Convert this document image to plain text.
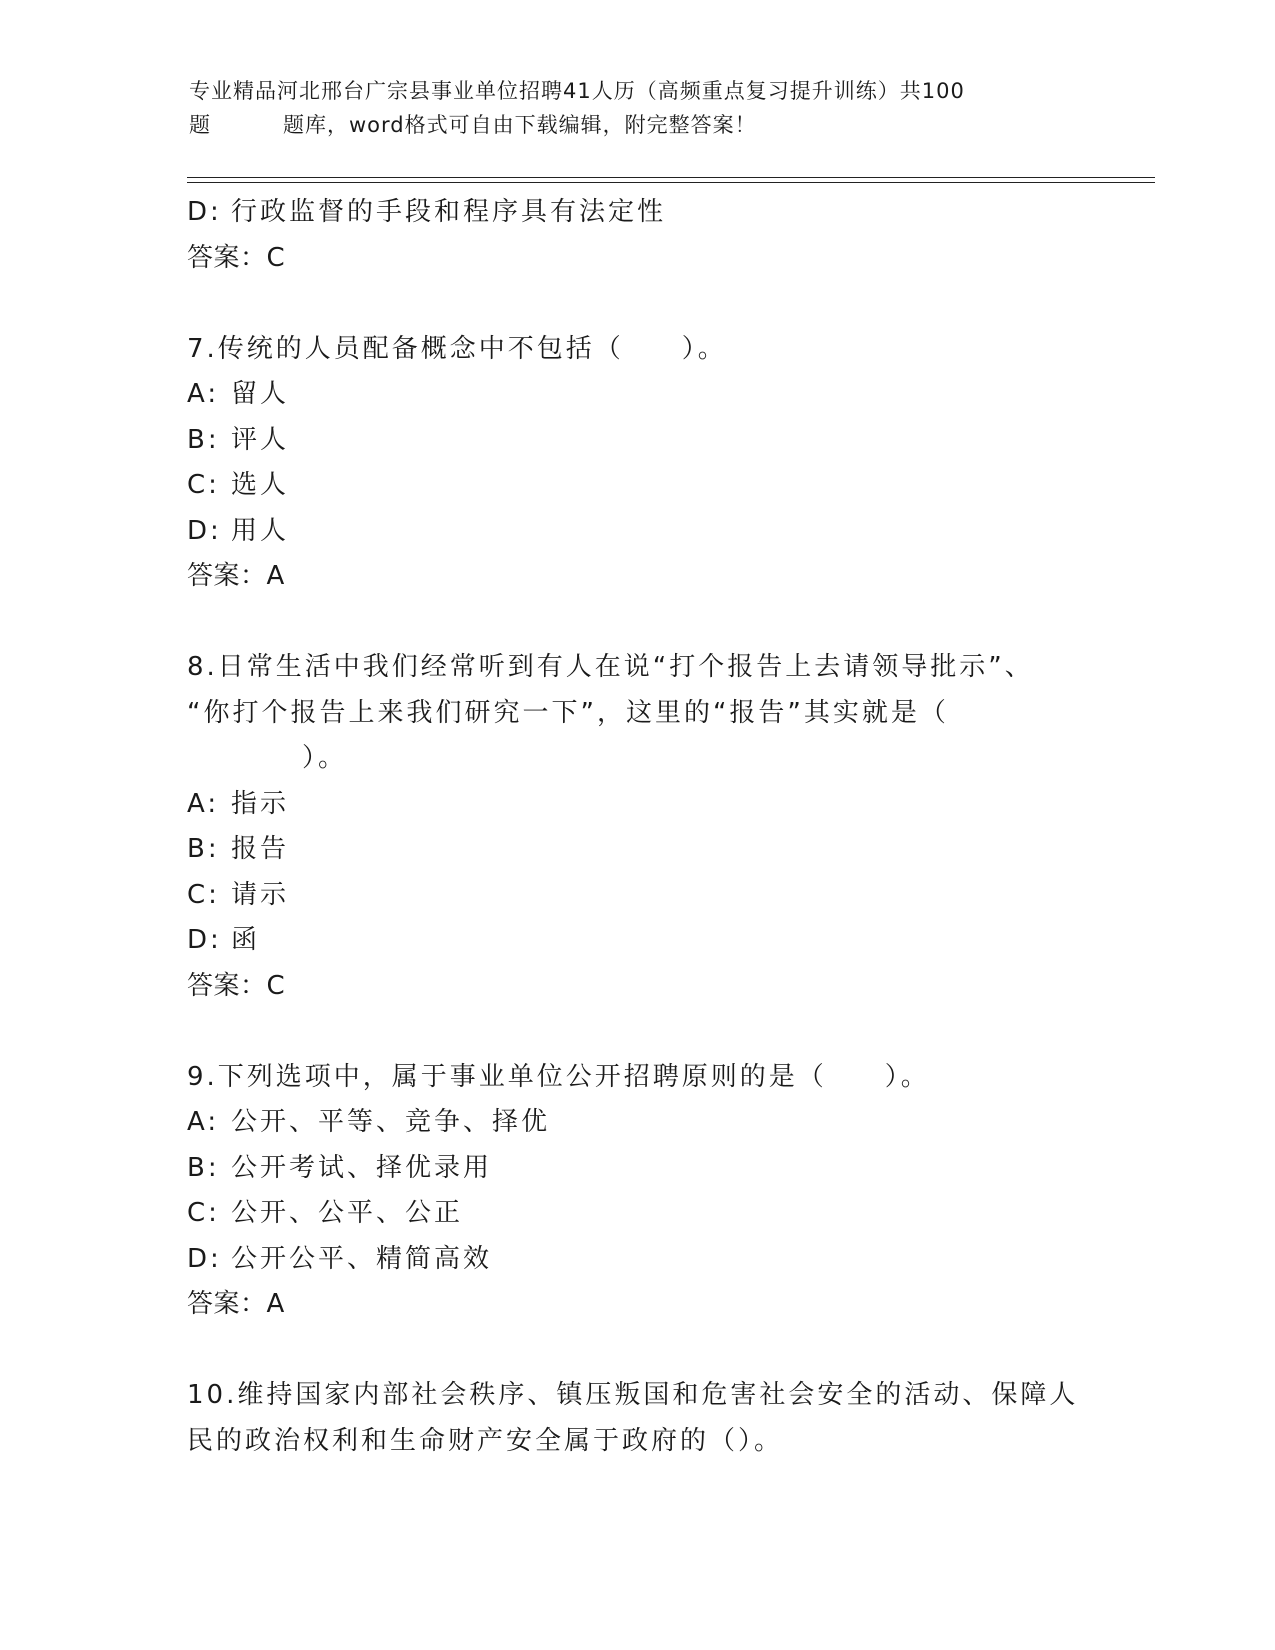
专业精品河北邢台广宗县事业单位招聘41人历（高频重点复习提升训练）共100
题	题库，word格式可自由下载编辑，附完整答案！
D: 行政监督的手段和程序具有法定性
答案：C
7.传统的人员配备概念中不包括（　　）。
A: 留人
B: 评人
C: 选人
D: 用人
答案：A
8.日常生活中我们经常听到有人在说“打个报告上去请领导批示”、
“你打个报告上来我们研究一下”，这里的“报告”其实就是（
）。
A: 指示
B: 报告
C: 请示
D: 函
答案：C
9.下列选项中，属于事业单位公开招聘原则的是（　　）。
A: 公开、平等、竞争、择优
B: 公开考试、择优录用
C: 公开、公平、公正
D: 公开公平、精简高效
答案：A
10.维持国家内部社会秩序、镇压叛国和危害社会安全的活动、保障人
民的政治权利和生命财产安全属于政府的（）。
